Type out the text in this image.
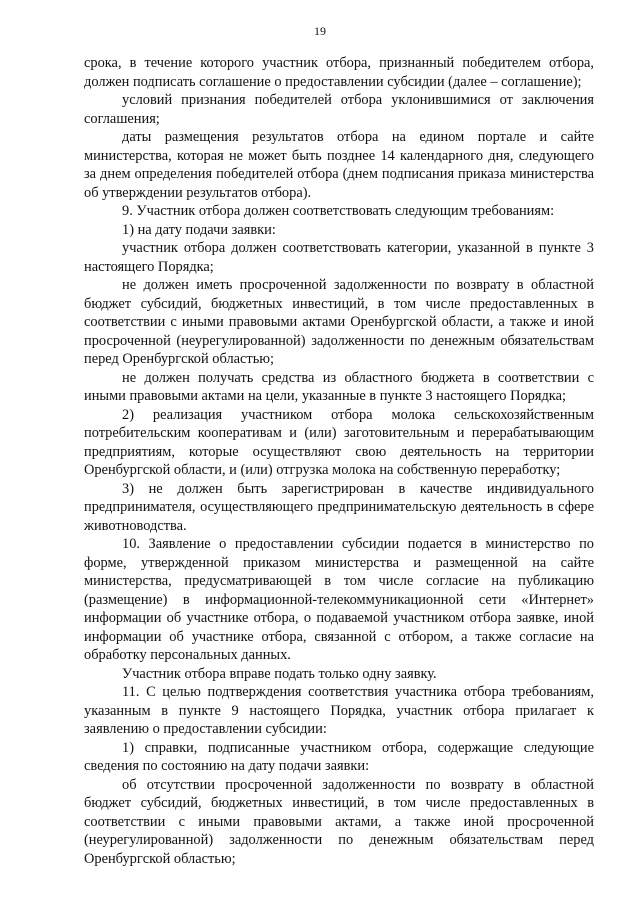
19

срока, в течение которого участник отбора, признанный победителем отбора, должен подписать соглашение о предоставлении субсидии (далее – соглашение);

условий признания победителей отбора уклонившимися от заключения соглашения;

даты размещения результатов отбора на едином портале и сайте министерства, которая не может быть позднее 14 календарного дня, следующего за днем определения победителей отбора (днем подписания приказа министерства об утверждении результатов отбора).

9. Участник отбора должен соответствовать следующим требованиям:

1) на дату подачи заявки:

участник отбора должен соответствовать категории, указанной в пункте 3 настоящего Порядка;

не должен иметь просроченной задолженности по возврату в областной бюджет субсидий, бюджетных инвестиций, в том числе предоставленных в соответствии с иными правовыми актами Оренбургской области, а также и иной просроченной (неурегулированной) задолженности по денежным обязательствам перед Оренбургской областью;

не должен получать средства из областного бюджета в соответствии с иными правовыми актами на цели, указанные в пункте 3 настоящего Порядка;

2) реализация участником отбора молока сельскохозяйственным потребительским кооперативам и (или) заготовительным и перерабатывающим предприятиям, которые осуществляют свою деятельность на территории Оренбургской области, и (или) отгрузка молока на собственную переработку;

3) не должен быть зарегистрирован в качестве индивидуального предпринимателя, осуществляющего предпринимательскую деятельность в сфере животноводства.

10. Заявление о предоставлении субсидии подается в министерство по форме, утвержденной приказом министерства и размещенной на сайте министерства, предусматривающей в том числе согласие на публикацию (размещение) в информационной-телекоммуникационной сети «Интернет» информации об участнике отбора, о подаваемой участником отбора заявке, иной информации об участнике отбора, связанной с отбором, а также согласие на обработку персональных данных.

Участник отбора вправе подать только одну заявку.

11. С целью подтверждения соответствия участника отбора требованиям, указанным в пункте 9 настоящего Порядка, участник отбора прилагает к заявлению о предоставлении субсидии:

1) справки, подписанные участником отбора, содержащие следующие сведения по состоянию на дату подачи заявки:

об отсутствии просроченной задолженности по возврату в областной бюджет субсидий, бюджетных инвестиций, в том числе предоставленных в соответствии с иными правовыми актами, а также иной просроченной (неурегулированной) задолженности по денежным обязательствам перед Оренбургской областью;
